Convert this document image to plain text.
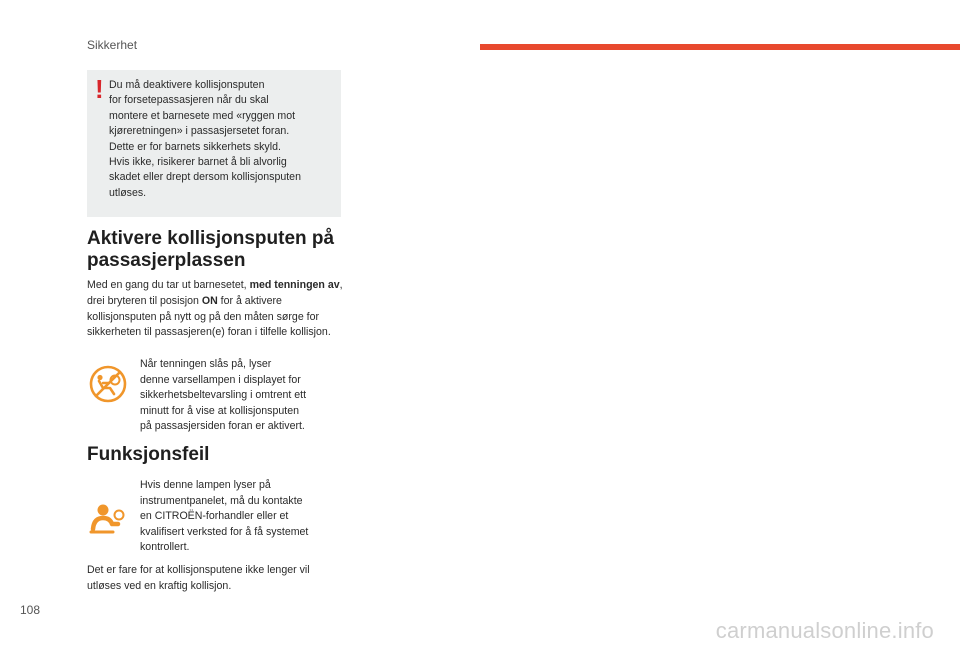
Sikkerhet
! Du må deaktivere kollisjonsputen
for forsetepassasjeren når du skal
montere et barnesete med «ryggen mot
kjøreretningen» i passasjersetet foran.
Dette er for barnets sikkerhets skyld.
Hvis ikke, risikerer barnet å bli alvorlig
skadet eller drept dersom kollisjonsputen
utløses.
Aktivere kollisjonsputen på passasjerplassen
Med en gang du tar ut barnesetet, med tenningen av, drei bryteren til posisjon ON for å aktivere kollisjonsputen på nytt og på den måten sørge for sikkerheten til passasjeren(e) foran i tilfelle kollisjon.
Når tenningen slås på, lyser
denne varsellampen i displayet for
sikkerhetsbeltevarsling i omtrent ett
minutt for å vise at kollisjonsputen
på passasjersiden foran er aktivert.
Funksjonsfeil
Hvis denne lampen lyser på
instrumentpanelet, må du kontakte
en CITROËN-forhandler eller et
kvalifisert verksted for å få systemet
kontrollert.
Det er fare for at kollisjonsputene ikke lenger vil utløses ved en kraftig kollisjon.
108
carmanualsonline.info
